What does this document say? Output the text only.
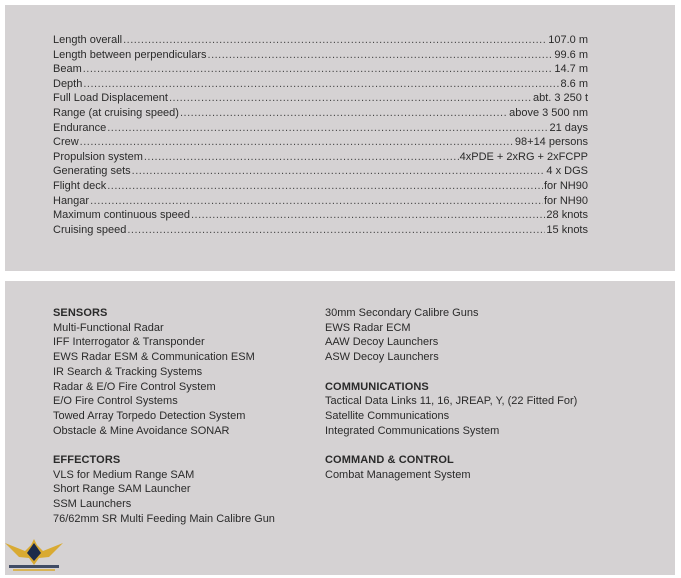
Length overall .....	107.0 m
Length between perpendiculars .....	99.6 m
Beam .....	14.7 m
Depth .....	8.6 m
Full Load Displacement .....	abt. 3 250 t
Range (at cruising speed) .....	above 3 500 nm
Endurance .....	21 days
Crew .....	98+14 persons
Propulsion system .....	4xPDE + 2xRG + 2xFCPP
Generating sets .....	4 x DGS
Flight deck .....	for NH90
Hangar .....	for NH90
Maximum continuous speed .....	28 knots
Cruising speed .....	15 knots
SENSORS
Multi-Functional Radar
IFF Interrogator & Transponder
EWS Radar ESM & Communication ESM
IR Search & Tracking Systems
Radar & E/O Fire Control System
E/O Fire Control Systems
Towed Array Torpedo Detection System
Obstacle & Mine Avoidance SONAR
EFFECTORS
VLS for Medium Range SAM
Short Range SAM Launcher
SSM Launchers
76/62mm SR Multi Feeding Main Calibre Gun
30mm Secondary Calibre Guns
EWS Radar ECM
AAW Decoy Launchers
ASW Decoy Launchers
COMMUNICATIONS
Tactical Data Links 11, 16, JREAP, Y, (22 Fitted For)
Satellite Communications
Integrated Communications System
COMMAND & CONTROL
Combat Management System
